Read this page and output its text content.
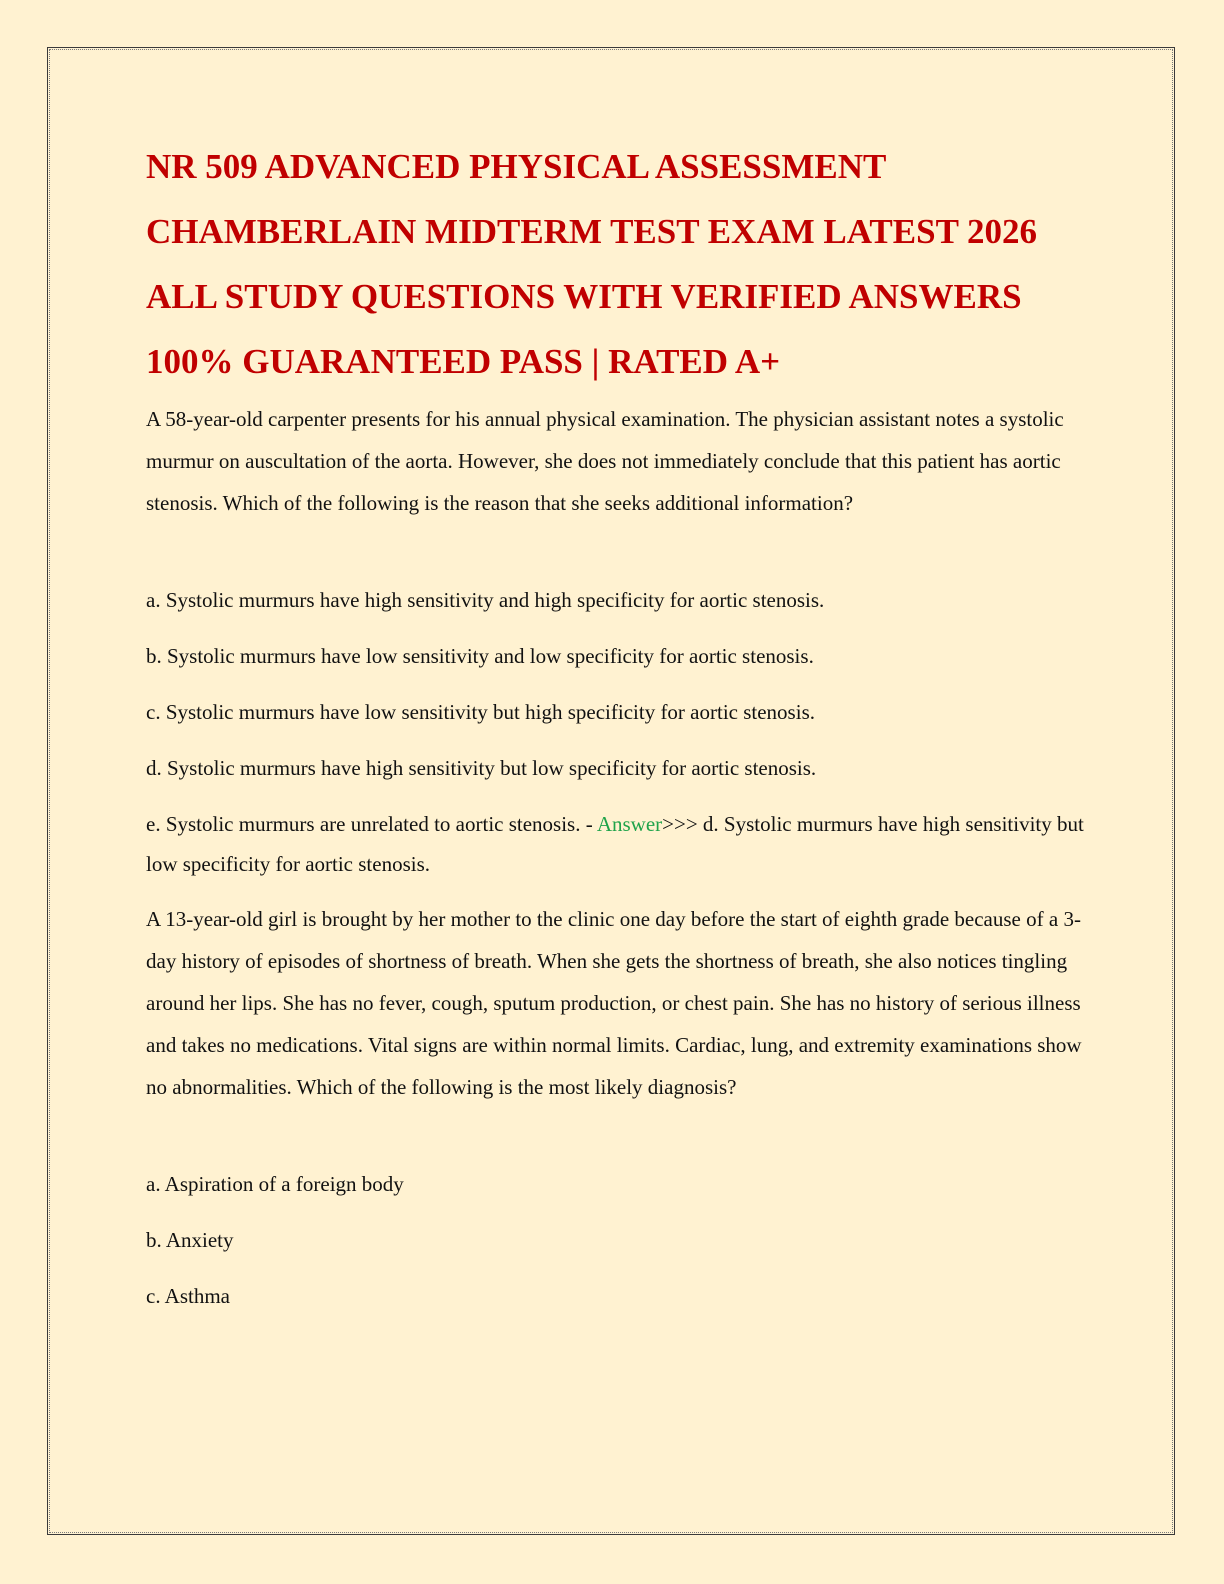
NR 509 ADVANCED PHYSICAL ASSESSMENT
CHAMBERLAIN MIDTERM TEST EXAM LATEST 2026
ALL STUDY QUESTIONS WITH VERIFIED ANSWERS
100% GUARANTEED PASS | RATED A+

A 58-year-old carpenter presents for his annual physical examination. The physician assistant notes a systolic murmur on auscultation of the aorta. However, she does not immediately conclude that this patient has aortic stenosis. Which of the following is the reason that she seeks additional information?

a. Systolic murmurs have high sensitivity and high specificity for aortic stenosis.

b. Systolic murmurs have low sensitivity and low specificity for aortic stenosis.

c. Systolic murmurs have low sensitivity but high specificity for aortic stenosis.

d. Systolic murmurs have high sensitivity but low specificity for aortic stenosis.

e. Systolic murmurs are unrelated to aortic stenosis. - Answer>>> d. Systolic murmurs have high sensitivity but low specificity for aortic stenosis.

A 13-year-old girl is brought by her mother to the clinic one day before the start of eighth grade because of a 3-day history of episodes of shortness of breath. When she gets the shortness of breath, she also notices tingling around her lips. She has no fever, cough, sputum production, or chest pain. She has no history of serious illness and takes no medications. Vital signs are within normal limits. Cardiac, lung, and extremity examinations show no abnormalities. Which of the following is the most likely diagnosis?

a. Aspiration of a foreign body

b. Anxiety

c. Asthma
